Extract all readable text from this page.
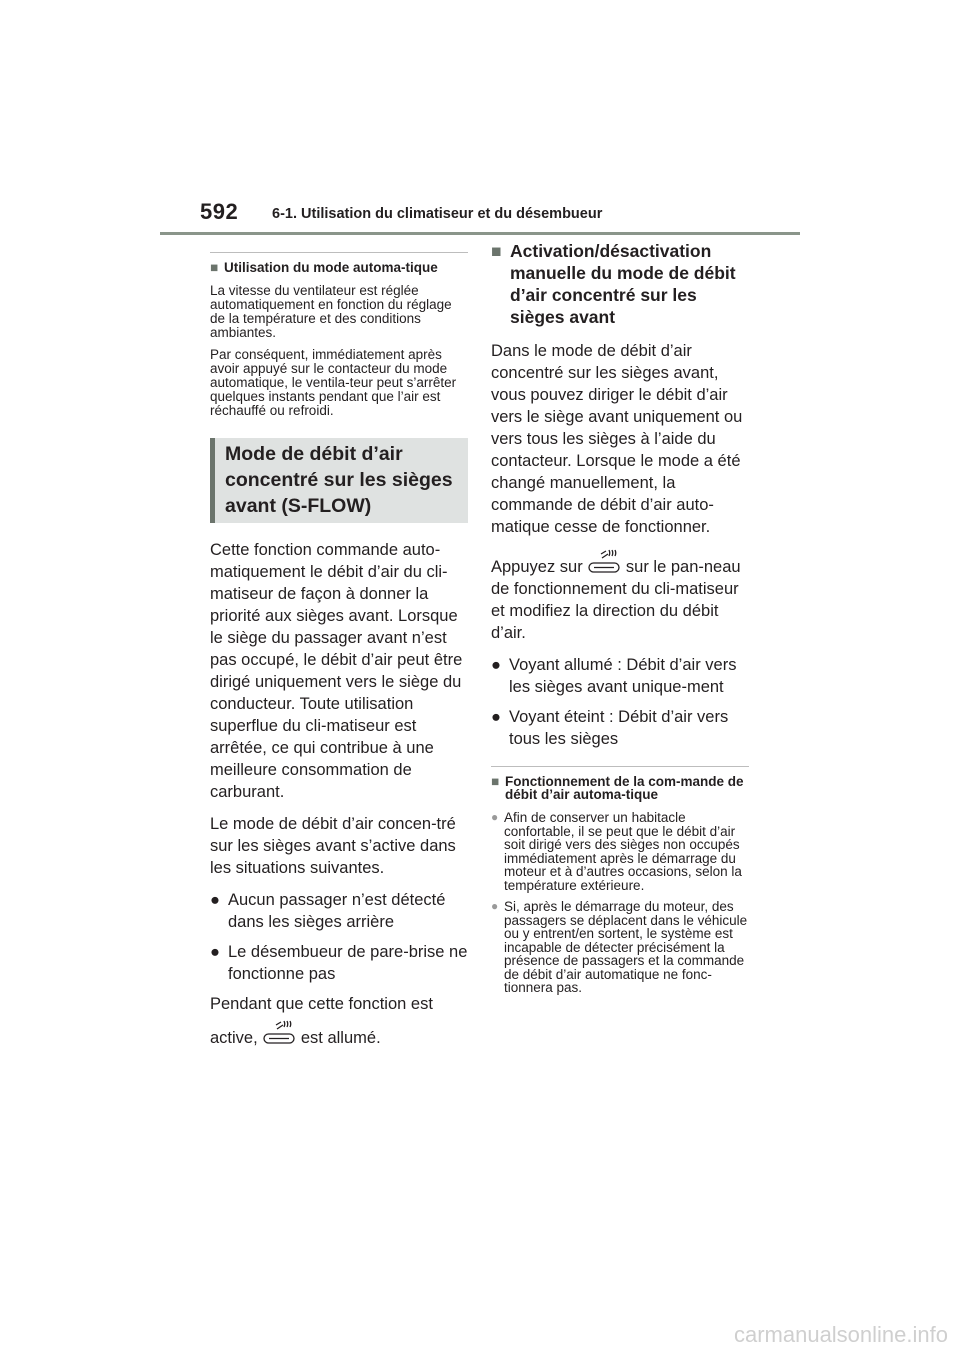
592 6-1. Utilisation du climatiseur et du désembueur
■ Utilisation du mode automa-tique

La vitesse du ventilateur est réglée automatiquement en fonction du réglage de la température et des conditions ambiantes.

Par conséquent, immédiatement après avoir appuyé sur le contacteur du mode automatique, le ventila-teur peut s’arrêter quelques instants pendant que l’air est réchauffé ou refroidi.

Mode de débit d’air concentré sur les sièges avant (S-FLOW)

Cette fonction commande auto-matiquement le débit d’air du cli-matiseur de façon à donner la priorité aux sièges avant. Lorsque le siège du passager avant n’est pas occupé, le débit d’air peut être dirigé uniquement vers le siège du conducteur. Toute utilisation superflue du cli-matiseur est arrêtée, ce qui contribue à une meilleure consommation de carburant.

Le mode de débit d’air concen-tré sur les sièges avant s’active dans les situations suivantes.

● Aucun passager n’est détecté dans les sièges arrière
● Le désembueur de pare-brise ne fonctionne pas

Pendant que cette fonction est

active,	est allumé.

■ Activation/désactivation manuelle du mode de débit d’air concentré sur les sièges avant

Dans le mode de débit d’air concentré sur les sièges avant, vous pouvez diriger le débit d’air vers le siège avant uniquement ou vers tous les sièges à l’aide du contacteur. Lorsque le mode a été changé manuellement, la commande de débit d’air auto-matique cesse de fonctionner.

Appuyez sur	sur le pan-neau de fonctionnement du cli-matiseur et modifiez la direction du débit d’air.

● Voyant allumé : Débit d’air vers les sièges avant unique-ment
● Voyant éteint : Débit d’air vers tous les sièges
■ Fonctionnement de la com-mande de débit d’air automa-tique
● Afin de conserver un habitacle confortable, il se peut que le débit d’air soit dirigé vers des sièges non occupés immédiatement après le démarrage du moteur et à d’autres occasions, selon la température extérieure.
● Si, après le démarrage du moteur, des passagers se déplacent dans le véhicule ou y entrent/en sortent, le système est incapable de détecter précisément la présence de passagers et la commande de débit d’air automatique ne fonc-tionnera pas.
carmanualsonline.info
